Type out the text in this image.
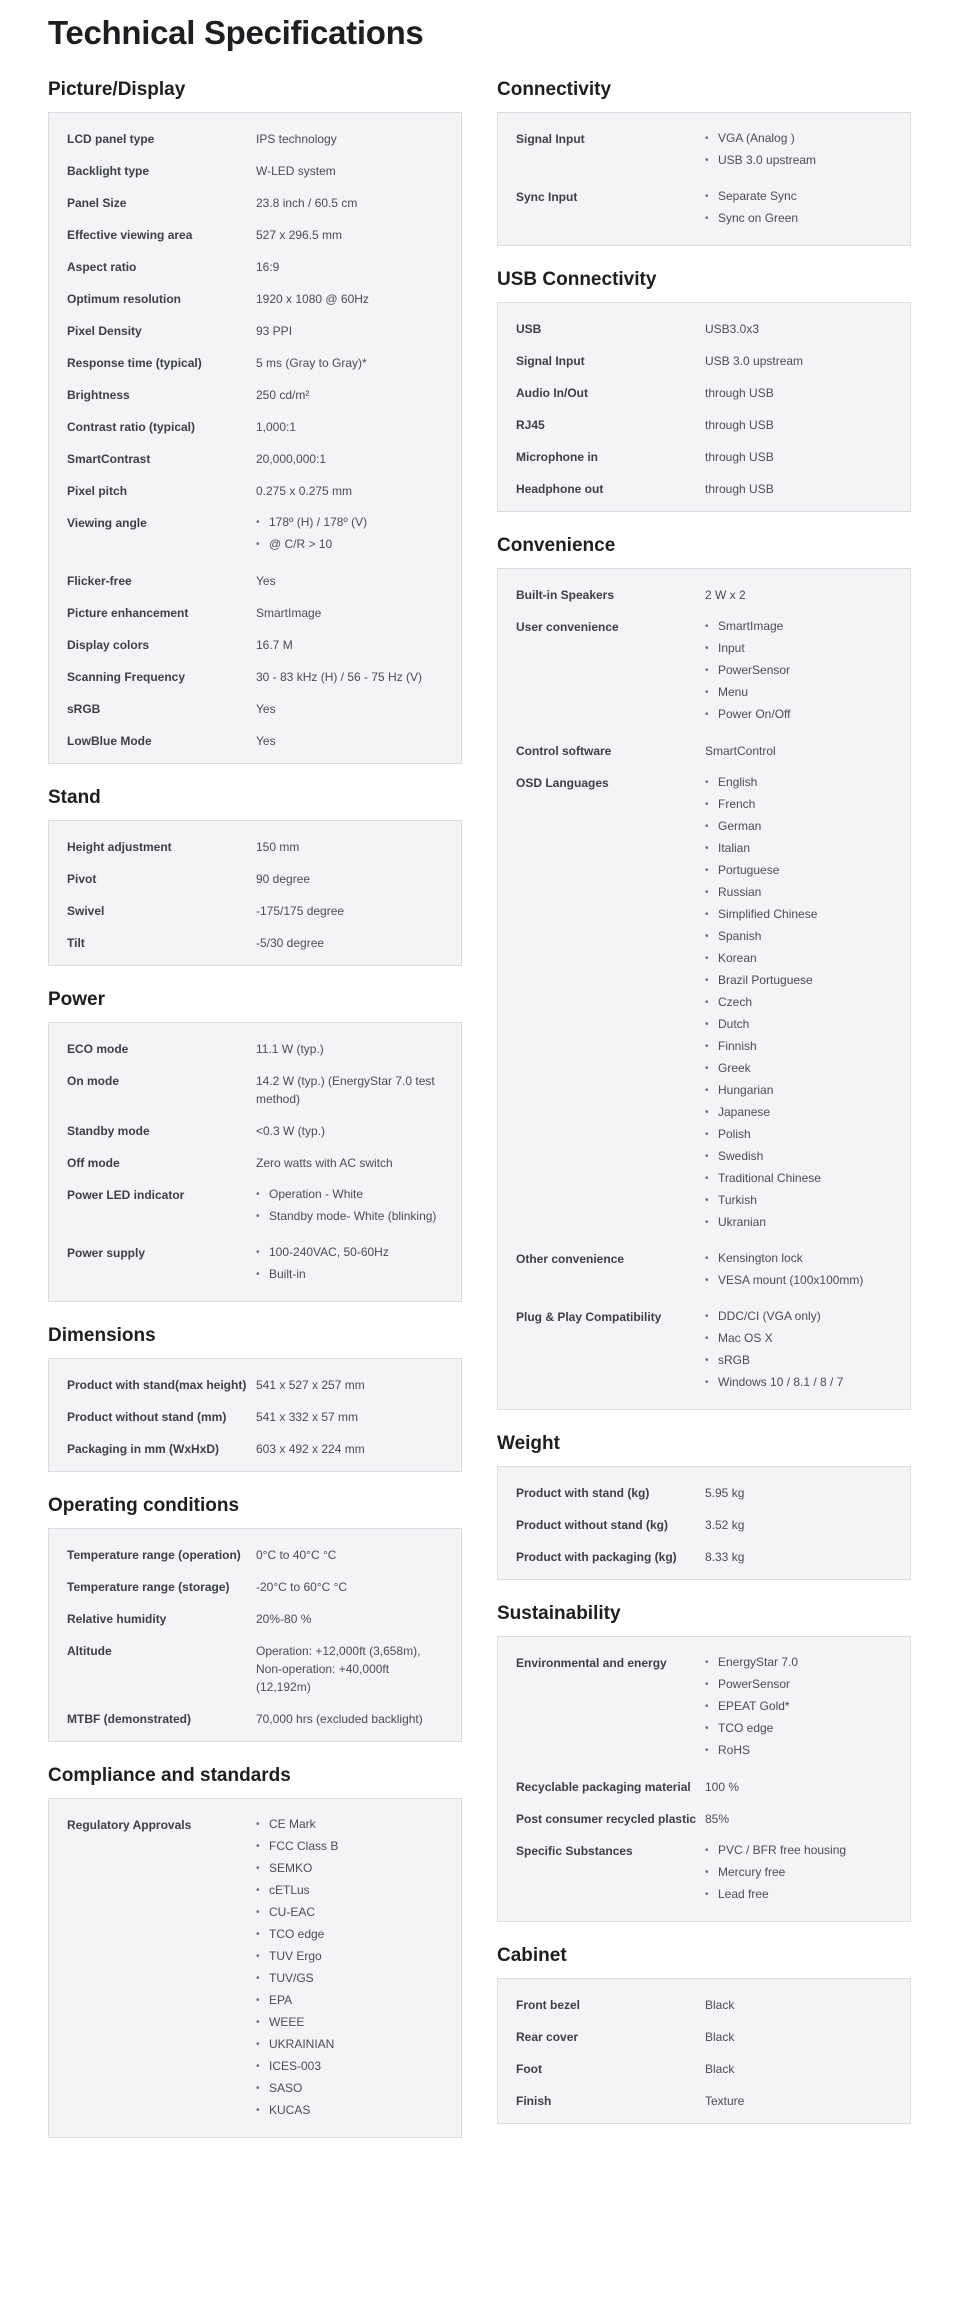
Technical Specifications
Picture/Display
LCD panel type	IPS technology
Backlight type	W-LED system
Panel Size	23.8 inch / 60.5 cm
Effective viewing area	527 x 296.5 mm
Aspect ratio	16:9
Optimum resolution	1920 x 1080 @ 60Hz
Pixel Density	93 PPI
Response time (typical)	5 ms (Gray to Gray)*
Brightness	250 cd/m²
Contrast ratio (typical)	1,000:1
SmartContrast	20,000,000:1
Pixel pitch	0.275 x 0.275 mm
Viewing angle	• 178º (H) / 178º (V)
• @ C/R > 10
Flicker-free	Yes
Picture enhancement	SmartImage
Display colors	16.7 M
Scanning Frequency	30 - 83 kHz (H) / 56 - 75 Hz (V)
sRGB	Yes
LowBlue Mode	Yes
Stand
Height adjustment	150 mm
Pivot	90 degree
Swivel	-175/175 degree
Tilt	-5/30 degree
Power
ECO mode	11.1 W (typ.)
On mode	14.2 W (typ.) (EnergyStar 7.0 test method)
Standby mode	<0.3 W (typ.)
Off mode	Zero watts with AC switch
Power LED indicator	• Operation - White
• Standby mode- White (blinking)
Power supply	• 100-240VAC, 50-60Hz
• Built-in
Dimensions
Product with stand(max height) 541 x 527 x 257 mm
Product without stand (mm)	541 x 332 x 57 mm
Packaging in mm (WxHxD)	603 x 492 x 224 mm
Operating conditions
Temperature range (operation)	0°C to 40°C °C
Temperature range (storage)	-20°C to 60°C °C
Relative humidity	20%-80 %
Altitude	Operation: +12,000ft (3,658m), Non-operation: +40,000ft (12,192m)
MTBF (demonstrated)	70,000 hrs (excluded backlight)
Compliance and standards
Regulatory Approvals	• CE Mark
• FCC Class B
• SEMKO
• cETLus
• CU-EAC
• TCO edge
• TUV Ergo
• TUV/GS
• EPA
• WEEE
• UKRAINIAN
• ICES-003
• SASO
• KUCAS
Connectivity
Signal Input	• VGA (Analog )
• USB 3.0 upstream
Sync Input	• Separate Sync
• Sync on Green
USB Connectivity
USB	USB3.0x3
Signal Input	USB 3.0 upstream
Audio In/Out	through USB
RJ45	through USB
Microphone in	through USB
Headphone out	through USB
Convenience
Built-in Speakers	2 W x 2
User convenience	• SmartImage
• Input
• PowerSensor
• Menu
• Power On/Off
Control software	SmartControl
OSD Languages	• English
• French
• German
• Italian
• Portuguese
• Russian
• Simplified Chinese
• Spanish
• Korean
• Brazil Portuguese
• Czech
• Dutch
• Finnish
• Greek
• Hungarian
• Japanese
• Polish
• Swedish
• Traditional Chinese
• Turkish
• Ukranian
Other convenience	• Kensington lock
• VESA mount (100x100mm)
Plug & Play Compatibility	• DDC/CI (VGA only)
• Mac OS X
• sRGB
• Windows 10 / 8.1 / 8 / 7
Weight
Product with stand (kg)	5.95 kg
Product without stand (kg)	3.52 kg
Product with packaging (kg)	8.33 kg
Sustainability
Environmental and energy	• EnergyStar 7.0
• PowerSensor
• EPEAT Gold*
• TCO edge
• RoHS
Recyclable packaging material	100 %
Post consumer recycled plastic 85%
Specific Substances	• PVC / BFR free housing
• Mercury free
• Lead free
Cabinet
Front bezel	Black
Rear cover	Black
Foot	Black
Finish	Texture
